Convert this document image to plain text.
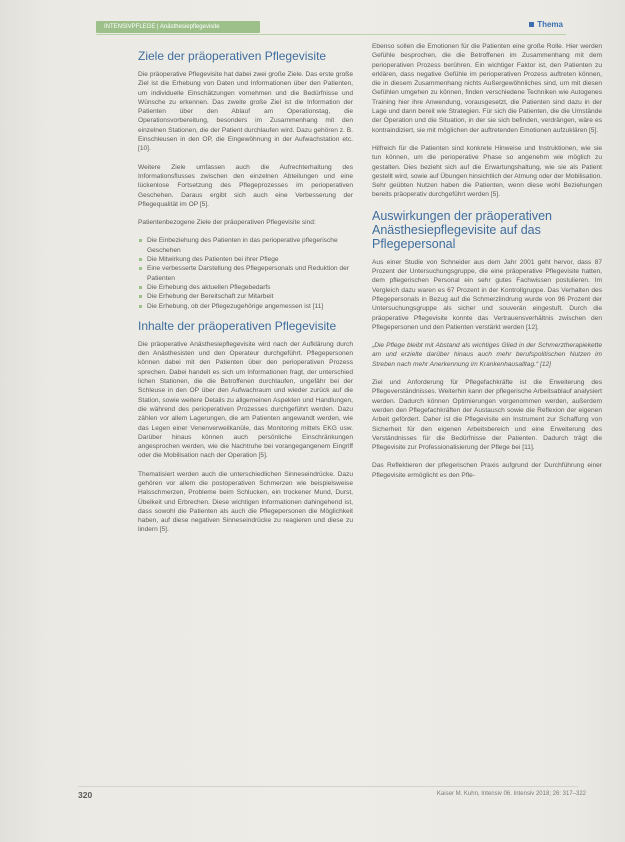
INTENSIVPFLEGE | Anästhesiepflegevisite	Thema
Ziele der präoperativen Pflegevisite

Die präoperative Pflegevisite hat dabei zwei große Ziele. Das erste große Ziel ist die Erhebung von Daten und Informationen über den Patienten, um individuelle Einschätzungen vornehmen und die Bedürfnisse und Wünsche zu erkennen. Das zweite große Ziel ist die Information der Patienten über den Ablauf am Operationstag, die Operationsvorbereitung, besonders im Zusammenhang mit den einzelnen Stationen, die der Patient durchlaufen wird. Dazu gehören z. B. Einschleusen in den OP, die Eingewöhnung in der Aufwachstation etc. [10].

Weitere Ziele umfassen auch die Aufrechterhaltung des Informationsflusses zwischen den einzelnen Abteilungen und eine lückenlose Fortsetzung des Pflegeprozesses im perioperativen Geschehen. Daraus ergibt sich auch eine Verbesserung der Pflegequalität im OP [5].

Patientenbezogene Ziele der präoperativen Pflegevisite sind:

Die Einbeziehung des Patienten in das perioperative pflegerische Geschehen
Die Mitwirkung des Patienten bei ihrer Pflege
Eine verbesserte Darstellung des Pflegepersonals und Reduktion der Patienten
Die Erhebung des aktuellen Pflegebedarfs
Die Erhebung der Bereitschaft zur Mitarbeit
Die Erhebung, ob der Pflegezugehörige angemessen ist [11]
Inhalte der präoperativen Pflegevisite

Die präoperative Anästhesiepflegevisite wird nach der Aufklärung durch den Anästhesisten und den Operateur durchgeführt. Pflegepersonen können dabei mit den Patienten über den perioperativen Prozess sprechen. Dabei handelt es sich um Informationen fragt, der unterschied lichen Stationen, die die Betroffenen durchlaufen, ungefähr bei der Schleuse in den OP über den Aufwachraum und wieder zurück auf die Station, sowie weitere Details zu allgemeinen Aspekten und Handlungen, die während des perioperativen Prozesses durchgeführt werden. Dazu zählen vor allem Lagerungen, die am Patienten angewandt werden, wie das Legen einer Venenverweilkanüle, das Monitoring mittels EKG usw. Darüber hinaus können auch persönliche Einschränkungen angesprochen werden, wie die Nachtruhe bei vorangegangenem Eingriff oder die Mobilisation nach der Operation [5].

Thematisiert werden auch die unterschiedlichen Sinneseindrücke. Dazu gehören vor allem die postoperativen Schmerzen wie beispielsweise Halsschmerzen, Probleme beim Schlucken, ein trockener Mund, Durst, Übelkeit und Erbrechen. Diese wichtigen Informationen dahingehend ist, dass sowohl die Patienten als auch die Pflegepersonen die Möglichkeit haben, auf diese negativen Sinneseindrücke zu reagieren und diese zu lindern [5].

Ebenso sollen die Emotionen für die Patienten eine große Rolle. Hier werden Gefühle besprochen, die die Betroffenen im Zusammenhang mit dem perioperativen Prozess berühren. Ein wichtiger Faktor ist, den Patienten zu erklären, dass negative Gefühle im perioperativen Prozess auftreten können, die in diesem Zusammenhang nichts Außergewöhnliches sind, um mit diesen Gefühlen umgehen zu können, finden verschiedene Techniken wie Autogenes Training hier ihre Anwendung, vorausgesetzt, die Patienten sind dazu in der Lage und dann bereit wie Strategien. Für sich die Patienten, die die Umstände der Operation und die Situation, in der sie sich befinden, verdrängen, wäre es kontraindiziert, sie mit möglichen der auftretenden Emotionen aufzuklären [5].

Hilfreich für die Patienten sind konkrete Hinweise und Instruktionen, wie sie tun können, um die perioperative Phase so angenehm wie möglich zu gestalten. Dies bezieht sich auf die Erwartungshaltung, wie sie als Patient gestellt wird, sowie auf Übungen hinsichtlich der Atmung oder der Mobilisation. Sehr geübten Nutzen haben die Patienten, wenn diese wohl Beziehungen bereits präoperativ durchgeführt werden [5].

Auswirkungen der präoperativen Anästhesiepflegevisite auf das Pflegepersonal

Aus einer Studie von Schneider aus dem Jahr 2001 geht hervor, dass 87 Prozent der Untersuchungsgruppe, die eine präoperative Pflegevisite hatten, dem pflegerischen Personal ein sehr gutes Fachwissen postulieren. Im Vergleich dazu waren es 67 Prozent in der Kontrollgruppe. Das Verhalten des Pflegepersonals in Bezug auf die Schmerzlindrung wurde von 96 Prozent der Untersuchungsgruppe als sicher und souverän eingestuft. Durch die präoperative Pflegevisite konnte das Vertrauensverhältnis zwischen den Pflegepersonen und den Patienten verstärkt werden [12].

„Die Pflege bleibt mit Abstand als wichtiges Glied in der Schmerztherapiekette am und erzielte darüber hinaus auch mehr berufspolitischen Nutzen im Streben nach mehr Anerkennung im Krankenhausalltag.“ [12]

Ziel und Anforderung für Pflegefachkräfte ist die Erweiterung des Pflegeverständnisses. Weiterhin kann der pflegerische Arbeitsablauf analysiert werden. Dadurch können Optimierungen vorgenommen werden, außerdem werden den Pflegefachkräften der Austausch sowie die Reflexion der eigenen Arbeit gefördert. Daher ist die Pflegevisite ein Instrument zur Schaffung von Sicherheit für den eigenen Arbeitsbereich und eine Erweiterung des Verständnisses für die Bedürfnisse der Patienten. Dadurch trägt die Pflegevisite zur Professionalisierung der Pflege bei [11].

Das Reflektieren der pflegerischen Praxis aufgrund der Durchführung einer Pflegevisite ermöglicht es den Pfle-

320	Kaiser M. Kuhn, Intensiv 06. Intensiv 2018; 26: 317–322
